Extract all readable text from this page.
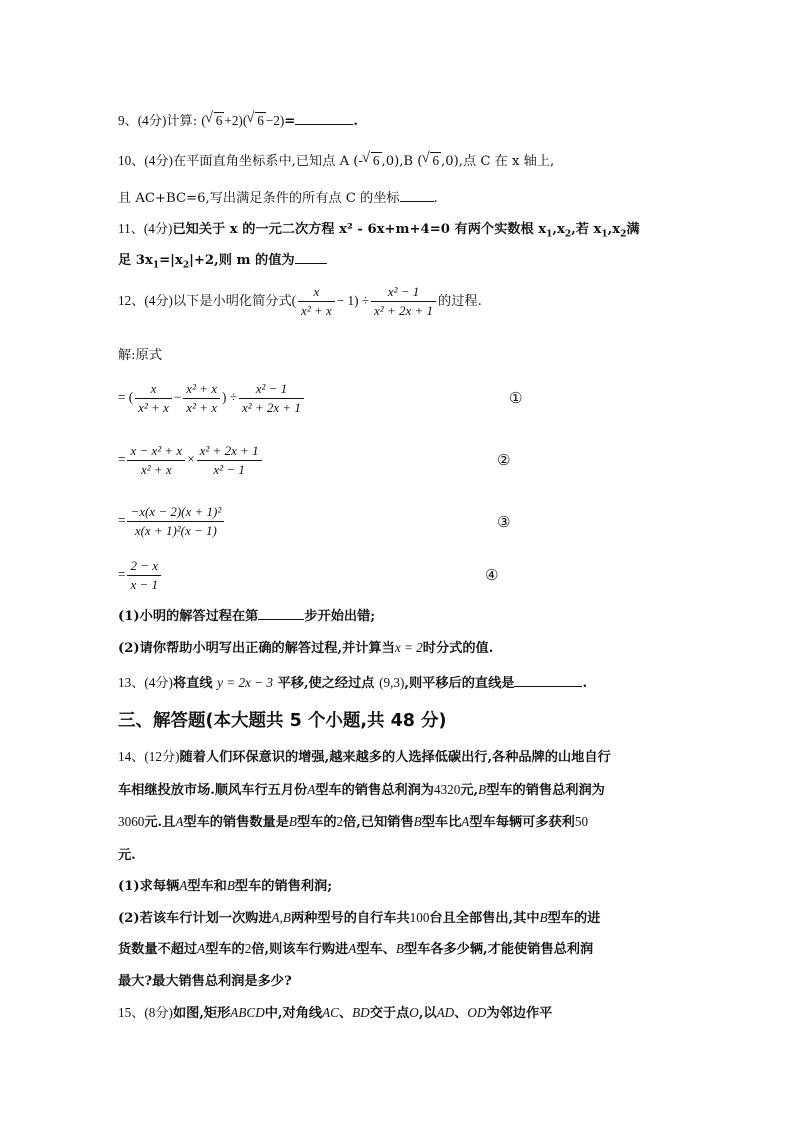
9、(4分)计算: ( √ 6 +2)( √ 6 −2)=	.
10、(4分)在平面直角坐标系中,已知点 A (- √ 6 ,0),B ( √ 6 ,0),点 C 在 x 轴上,
且 AC+BC=6,写出满足条件的所有点 C 的坐标	.
11、(4分)已知关于 x 的一元二次方程 x² - 6x+m+4=0 有两个实数根 $x_1,x_2$,若 $x_1,x_2$满
足 $3x_1=|x_2|+2$,则 m 的值为
12、(4分)以下是小明化简分式( $\frac{x}{\text{x² + x}} - 1) \div \frac{\text{x² − 1}}{\text{x² + 2x + 1}}$ 的过程.
解:原式
= ( $\frac{x}{\text{x² + x}} - \frac{\text{x² + x}}{\text{x² + x}}$ ) ÷ $\frac{\text{x² − 1}}{\text{x² + 2x + 1}}$	①
= $\frac{\text{x − x² + x}}{\text{x² + x}} \times \frac{\text{x² + 2x + 1}}{\text{x² − 1}}$	②
= $\frac{\text{−x(x − 2)(x + 1)²}}{\text{x(x + 1)²(x − 1)}}$	③
= $\frac{2 - x}{x - 1}$	④
(1)小明的解答过程在第	步开始出错;
(2)请你帮助小明写出正确的解答过程,并计算当x = 2时分式的值.
13、(4分)将直线 y = 2x − 3 平移,使之经过点 (9,3),则平移后的直线是	.
三、解答题(本大题共 5 个小题,共 48 分)
14、(12分)随着人们环保意识的增强,越来越多的人选择低碳出行,各种品牌的山地自行
车相继投放市场.顺风车行五月份A型车的销售总利润为4320元,B型车的销售总利润为
3060元.且A型车的销售数量是B型车的2倍,已知销售B型车比A型车每辆可多获利50
元.
(1)求每辆A型车和B型车的销售利润;
(2)若该车行计划一次购进A,B两种型号的自行车共100台且全部售出,其中B型车的进
货数量不超过A型车的2倍,则该车行购进A型车、B型车各多少辆,才能使销售总利润
最大?最大销售总利润是多少?
15、(8分)如图,矩形ABCD中,对角线AC、BD交于点O,以AD、OD为邻边作平
